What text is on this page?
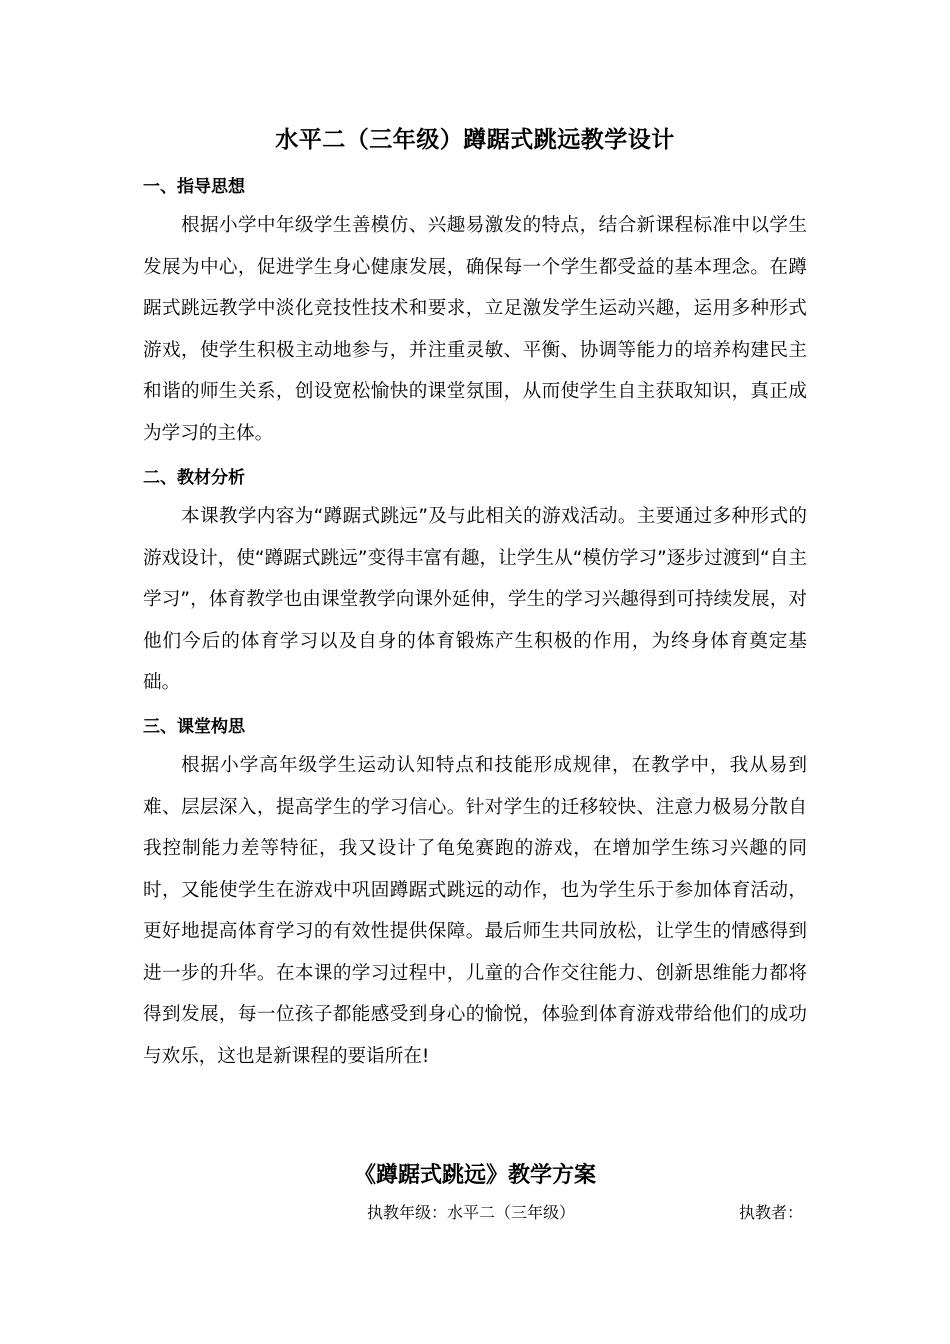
水平二（三年级）蹲踞式跳远教学设计
一、指导思想

根据小学中年级学生善模仿、兴趣易激发的特点，结合新课程标准中以学生发展为中心，促进学生身心健康发展，确保每一个学生都受益的基本理念。在蹲踞式跳远教学中淡化竞技性技术和要求，立足激发学生运动兴趣，运用多种形式游戏，使学生积极主动地参与，并注重灵敏、平衡、协调等能力的培养构建民主和谐的师生关系，创设宽松愉快的课堂氛围，从而使学生自主获取知识，真正成为学习的主体。

二、教材分析

本课教学内容为“蹲踞式跳远”及与此相关的游戏活动。主要通过多种形式的游戏设计，使“蹲踞式跳远”变得丰富有趣，让学生从“模仿学习”逐步过渡到“自主学习”，体育教学也由课堂教学向课外延伸，学生的学习兴趣得到可持续发展，对他们今后的体育学习以及自身的体育锻炼产生积极的作用，为终身体育奠定基础。

三、课堂构思

根据小学高年级学生运动认知特点和技能形成规律，在教学中，我从易到难、层层深入，提高学生的学习信心。针对学生的迁移较快、注意力极易分散自我控制能力差等特征，我又设计了龟兔赛跑的游戏，在增加学生练习兴趣的同时，又能使学生在游戏中巩固蹲踞式跳远的动作，也为学生乐于参加体育活动，更好地提高体育学习的有效性提供保障。最后师生共同放松，让学生的情感得到进一步的升华。在本课的学习过程中，儿童的合作交往能力、创新思维能力都将得到发展，每一位孩子都能感受到身心的愉悦，体验到体育游戏带给他们的成功与欢乐，这也是新课程的要诣所在!

《蹲踞式跳远》教学方案
执教年级：水平二（三年级）	执教者：
